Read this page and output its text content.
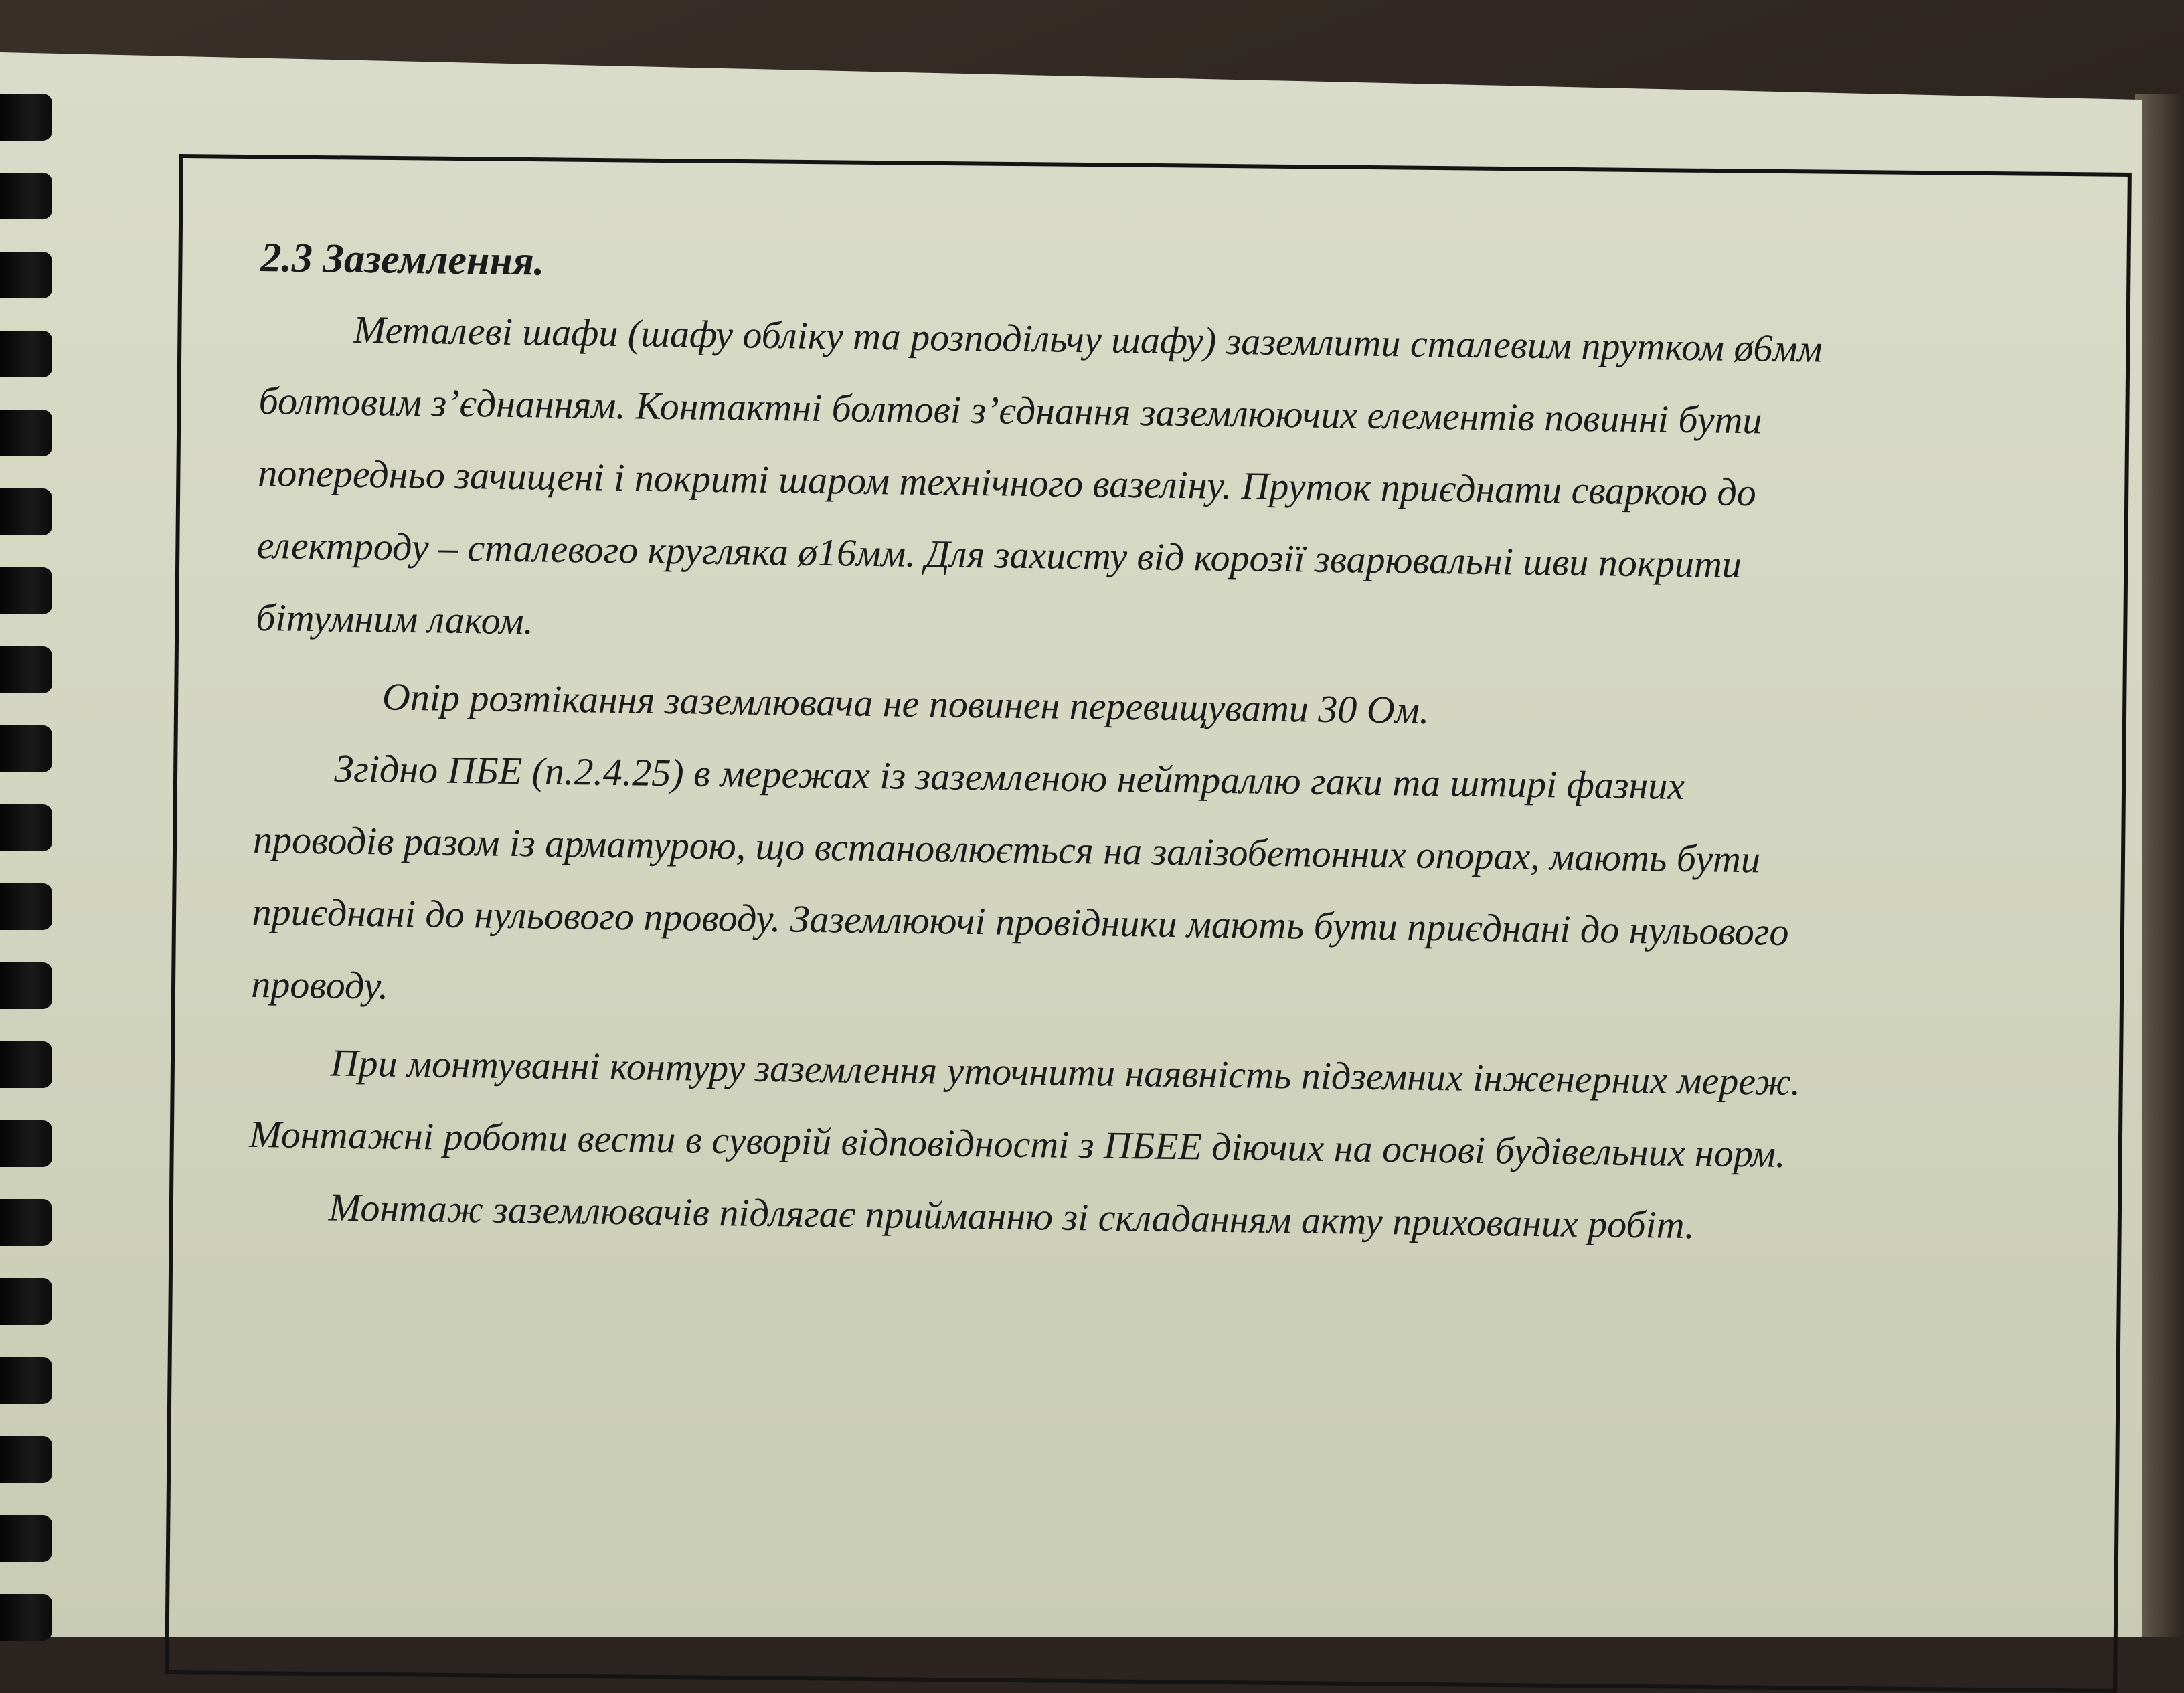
2.3 Заземлення.
Металеві шафи (шафу обліку та розподільчу шафу) заземлити сталевим прутком ø6мм
болтовим з’єднанням. Контактні болтові з’єднання заземлюючих елементів повинні бути
попередньо зачищені і покриті шаром технічного вазеліну. Пруток приєднати сваркою до
електроду – сталевого кругляка ø16мм. Для захисту від корозії зварювальні шви покрити
бітумним лаком.
Опір розтікання заземлювача не повинен перевищувати 30 Ом.
Згідно ПБЕ (п.2.4.25) в мережах із заземленою нейтраллю гаки та штирі фазних
проводів разом із арматурою, що встановлюється на залізобетонних опорах, мають бути
приєднані до нульового проводу. Заземлюючі провідники мають бути приєднані до нульового
проводу.
При монтуванні контуру заземлення уточнити наявність підземних інженерних мереж.
Монтажні роботи вести в суворій відповідності з ПБЕЕ діючих на основі будівельних норм.
Монтаж заземлювачів підлягає прийманню зі складанням акту прихованих робіт.
